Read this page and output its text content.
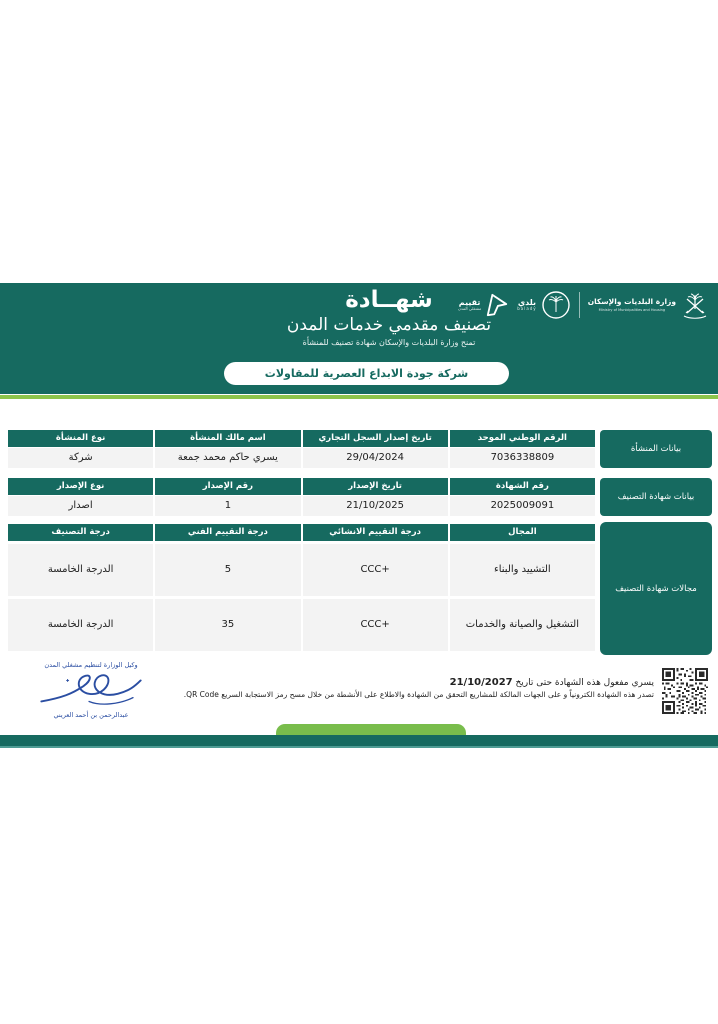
تقييم
مشغلي المدن
بلدي
balady
وزارة البلديات والإسكان
Ministry of Municipalities and Housing
شهــادة
تصنيف مقدمي خدمات المدن
تمنح وزارة البلديات والإسكان شهادة تصنيف للمنشأة
شركة جودة الابداع العصرية للمقاولات
بيانات المنشأة
الرقم الوطني الموحد
تاريخ إصدار السجل التجاري
اسم مالك المنشأة
نوع المنشأة
7036338809
29/04/2024
يسري حاكم محمد جمعة
شركة
بيانات شهادة التصنيف
رقم الشهادة
تاريخ الإصدار
رقم الإصدار
نوع الإصدار
2025009091
21/10/2025
1
اصدار
مجالات شهادة التصنيف
المجال
درجة التقييم الانشائي
درجة التقييم الفني
درجة التصنيف
التشييد والبناء
CCC+
5
الدرجة الخامسة
التشغيل والصيانة والخدمات
CCC+
35
الدرجة الخامسة
يسري مفعول هذه الشهادة حتى تاريخ 21/10/2027
تصدر هذه الشهادة الكترونياً و على الجهات المالكة للمشاريع التحقق من الشهادة والاطلاع على الأنشطة من خلال مسح رمز الاستجابة السريع QR Code.
وكيل الوزارة لتنظيم مشغلي المدن
عبدالرحمن بن أحمد العريني
